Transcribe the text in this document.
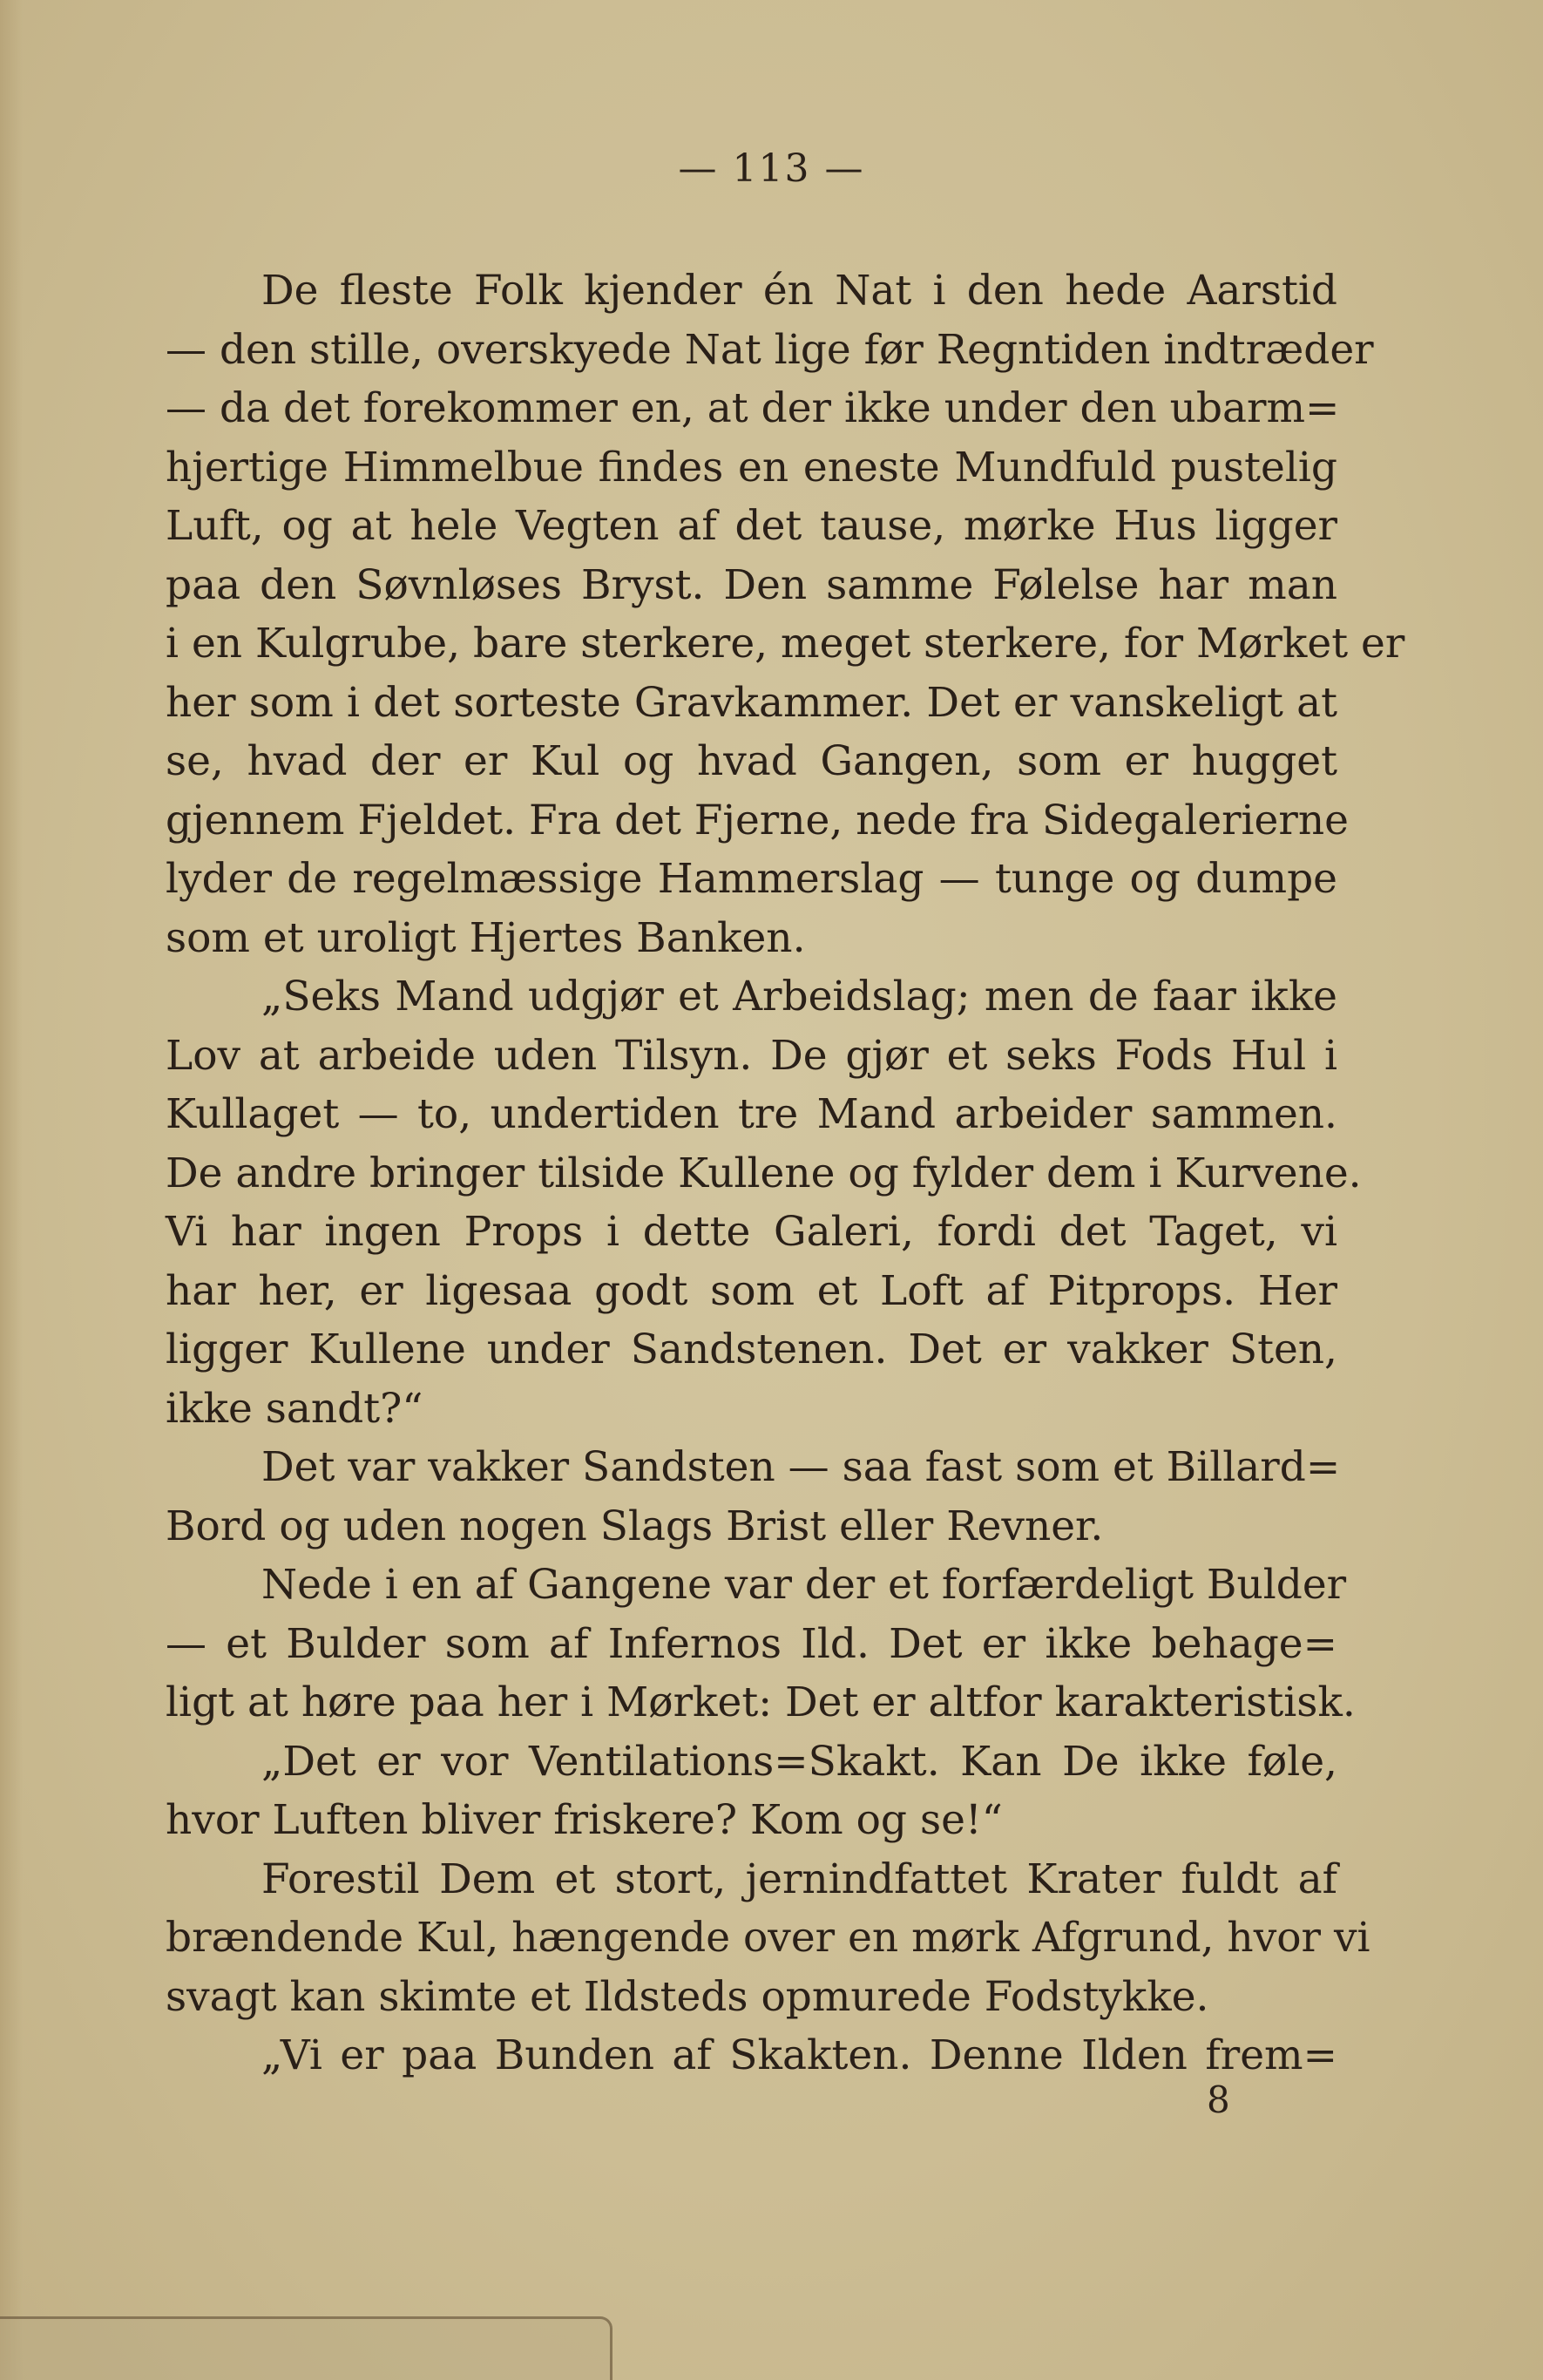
— 113 —
De fleste Folk kjender én Nat i den hede Aarstid
— den stille, overskyede Nat lige før Regntiden indtræder
— da det forekommer en, at der ikke under den ubarm=
hjertige Himmelbue findes en eneste Mundfuld pustelig
Luft, og at hele Vegten af det tause, mørke Hus ligger
paa den Søvnløses Bryst. Den samme Følelse har man
i en Kulgrube, bare sterkere, meget sterkere, for Mørket er
her som i det sorteste Gravkammer. Det er vanskeligt at
se, hvad der er Kul og hvad Gangen, som er hugget
gjennem Fjeldet. Fra det Fjerne, nede fra Sidegalerierne
lyder de regelmæssige Hammerslag — tunge og dumpe
som et uroligt Hjertes Banken.
„Seks Mand udgjør et Arbeidslag; men de faar ikke
Lov at arbeide uden Tilsyn. De gjør et seks Fods Hul i
Kullaget — to, undertiden tre Mand arbeider sammen.
De andre bringer tilside Kullene og fylder dem i Kurvene.
Vi har ingen Props i dette Galeri, fordi det Taget, vi
har her, er ligesaa godt som et Loft af Pitprops. Her
ligger Kullene under Sandstenen. Det er vakker Sten,
ikke sandt?“
Det var vakker Sandsten — saa fast som et Billard=
Bord og uden nogen Slags Brist eller Revner.
Nede i en af Gangene var der et forfærdeligt Bulder
— et Bulder som af Infernos Ild. Det er ikke behage=
ligt at høre paa her i Mørket: Det er altfor karakteristisk.
„Det er vor Ventilations=Skakt. Kan De ikke føle,
hvor Luften bliver friskere? Kom og se!“
Forestil Dem et stort, jernindfattet Krater fuldt af
brændende Kul, hængende over en mørk Afgrund, hvor vi
svagt kan skimte et Ildsteds opmurede Fodstykke.
„Vi er paa Bunden af Skakten. Denne Ilden frem=
8
